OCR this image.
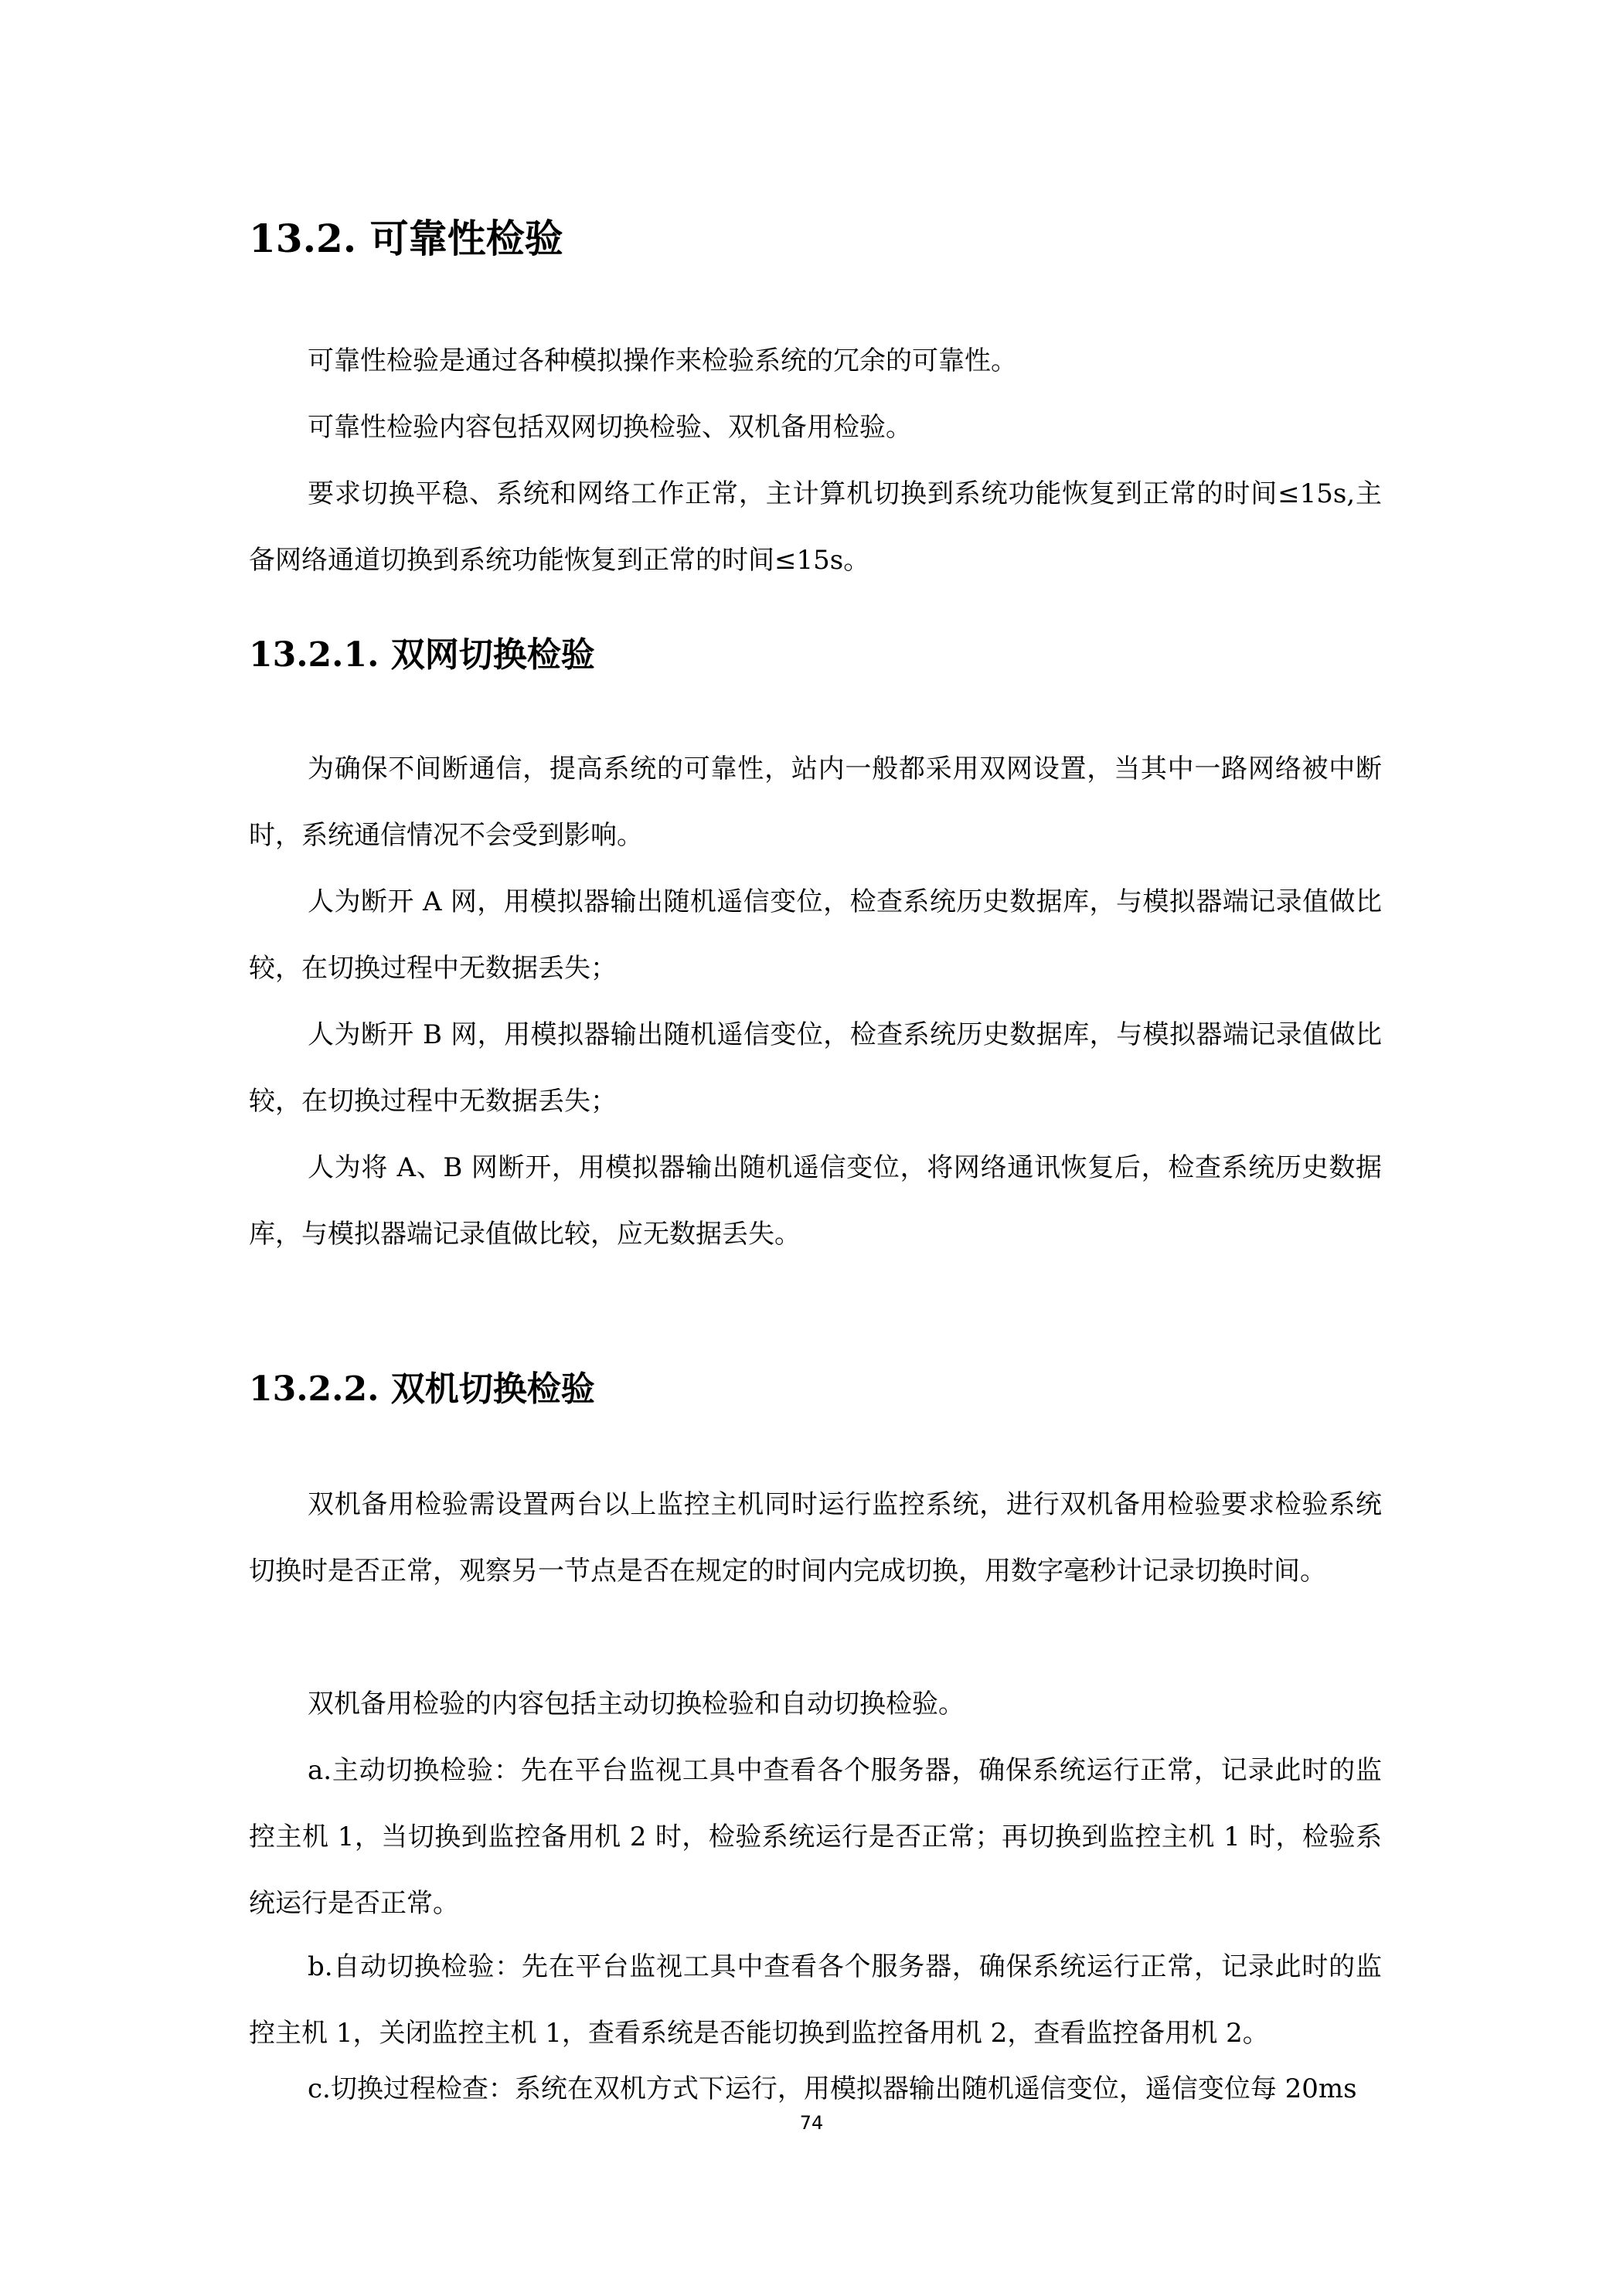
13.2. 可靠性检验

可靠性检验是通过各种模拟操作来检验系统的冗余的可靠性。

可靠性检验内容包括双网切换检验、双机备用检验。

要求切换平稳、系统和网络工作正常，主计算机切换到系统功能恢复到正常的时间≤15s,主备网络通道切换到系统功能恢复到正常的时间≤15s。

13.2.1. 双网切换检验

为确保不间断通信，提高系统的可靠性，站内一般都采用双网设置，当其中一路网络被中断时，系统通信情况不会受到影响。

人为断开 A 网，用模拟器输出随机遥信变位，检查系统历史数据库，与模拟器端记录值做比较，在切换过程中无数据丢失；

人为断开 B 网，用模拟器输出随机遥信变位，检查系统历史数据库，与模拟器端记录值做比较，在切换过程中无数据丢失；

人为将 A、B 网断开，用模拟器输出随机遥信变位，将网络通讯恢复后，检查系统历史数据库，与模拟器端记录值做比较，应无数据丢失。

13.2.2. 双机切换检验

双机备用检验需设置两台以上监控主机同时运行监控系统，进行双机备用检验要求检验系统切换时是否正常，观察另一节点是否在规定的时间内完成切换，用数字毫秒计记录切换时间。

双机备用检验的内容包括主动切换检验和自动切换检验。

a.主动切换检验：先在平台监视工具中查看各个服务器，确保系统运行正常，记录此时的监控主机 1，当切换到监控备用机 2 时，检验系统运行是否正常；再切换到监控主机 1 时，检验系统运行是否正常。

b.自动切换检验：先在平台监视工具中查看各个服务器，确保系统运行正常，记录此时的监控主机 1，关闭监控主机 1，查看系统是否能切换到监控备用机 2，查看监控备用机 2。

c.切换过程检查：系统在双机方式下运行，用模拟器输出随机遥信变位，遥信变位每 20ms

74
